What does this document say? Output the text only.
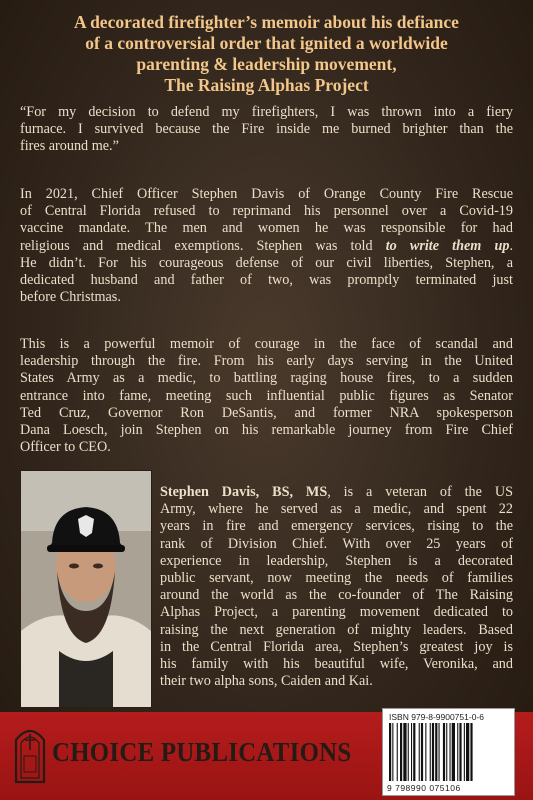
A decorated firefighter’s memoir about his defiance
of a controversial order that ignited a worldwide
parenting & leadership movement,
The Raising Alphas Project
“For my decision to defend my firefighters, I was thrown into a fiery
furnace. I survived because the Fire inside me burned brighter than the
fires around me.”
In 2021, Chief Officer Stephen Davis of Orange County Fire Rescue
of Central Florida refused to reprimand his personnel over a Covid-19
vaccine mandate. The men and women he was responsible for had
religious and medical exemptions. Stephen was told to write them up.
He didn’t. For his courageous defense of our civil liberties, Stephen, a
dedicated husband and father of two, was promptly terminated just
before Christmas.
This is a powerful memoir of courage in the face of scandal and
leadership through the fire. From his early days serving in the United
States Army as a medic, to battling raging house fires, to a sudden
entrance into fame, meeting such influential public figures as Senator
Ted Cruz, Governor Ron DeSantis, and former NRA spokesperson
Dana Loesch, join Stephen on his remarkable journey from Fire Chief
Officer to CEO.
Stephen Davis, BS, MS, is a veteran of the US
Army, where he served as a medic, and spent 22
years in fire and emergency services, rising to the
rank of Division Chief. With over 25 years of
experience in leadership, Stephen is a decorated
public servant, now meeting the needs of families
around the world as the co-founder of The Raising
Alphas Project, a parenting movement dedicated to
raising the next generation of mighty leaders. Based
in the Central Florida area, Stephen’s greatest joy is
his family with his beautiful wife, Veronika, and
their two alpha sons, Caiden and Kai.
CHOICE PUBLICATIONS
ISBN 979-8-9900751-0-6
9 798990 075106
